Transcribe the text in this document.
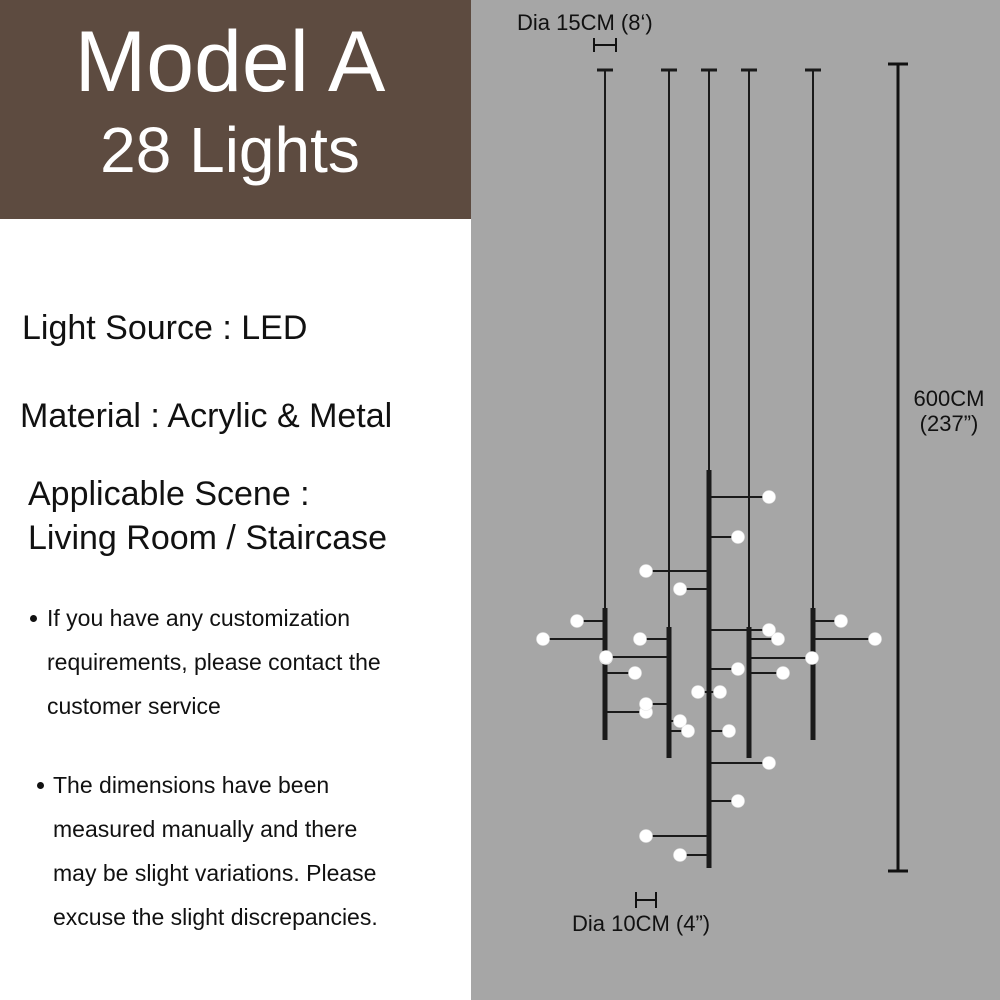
Model A
28 Lights
Light Source : LED
Material : Acrylic & Metal
Applicable Scene :
Living Room / Staircase
If you have any customization
requirements, please contact the
customer service
The dimensions have been
measured manually and there
may be slight variations. Please
excuse the slight discrepancies.
Dia 15CM (8‘)
600CM
(237”)
Dia 10CM (4”)
